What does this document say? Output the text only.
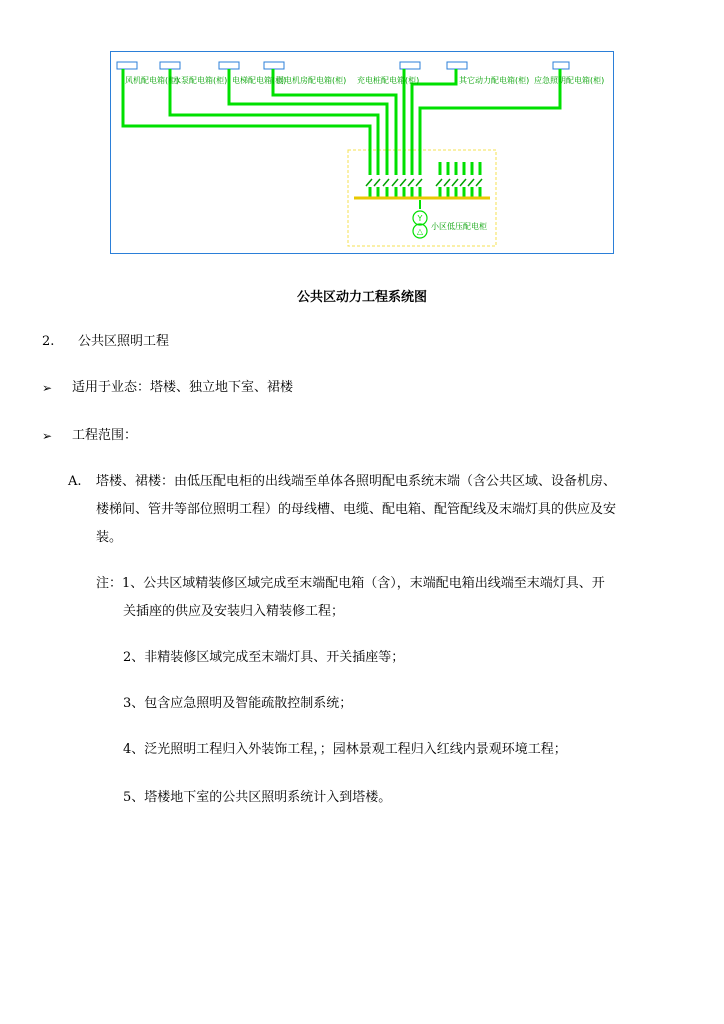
Y
△
风机配电箱(柜)
水泵配电箱(柜) 电梯配电箱(柜)
弱电机房配电箱(柜) 充电桩配电箱(柜)	其它动力配电箱(柜) 应急照明配电箱(柜)
小区低压配电柜
公共区动力工程系统图
2. 公共区照明工程
➢ 适用于业态：塔楼、独立地下室、裙楼
➢ 工程范围：
A. 塔楼、裙楼：由低压配电柜的出线端至单体各照明配电系统末端（含公共区域、设备机房、
楼梯间、管井等部位照明工程）的母线槽、电缆、配电箱、配管配线及末端灯具的供应及安
装。
注：1、公共区域精装修区域完成至末端配电箱（含），末端配电箱出线端至末端灯具、开
关插座的供应及安装归入精装修工程；
2、非精装修区域完成至末端灯具、开关插座等；
3、包含应急照明及智能疏散控制系统；
4、泛光照明工程归入外装饰工程，；园林景观工程归入红线内景观环境工程；
5、塔楼地下室的公共区照明系统计入到塔楼。
